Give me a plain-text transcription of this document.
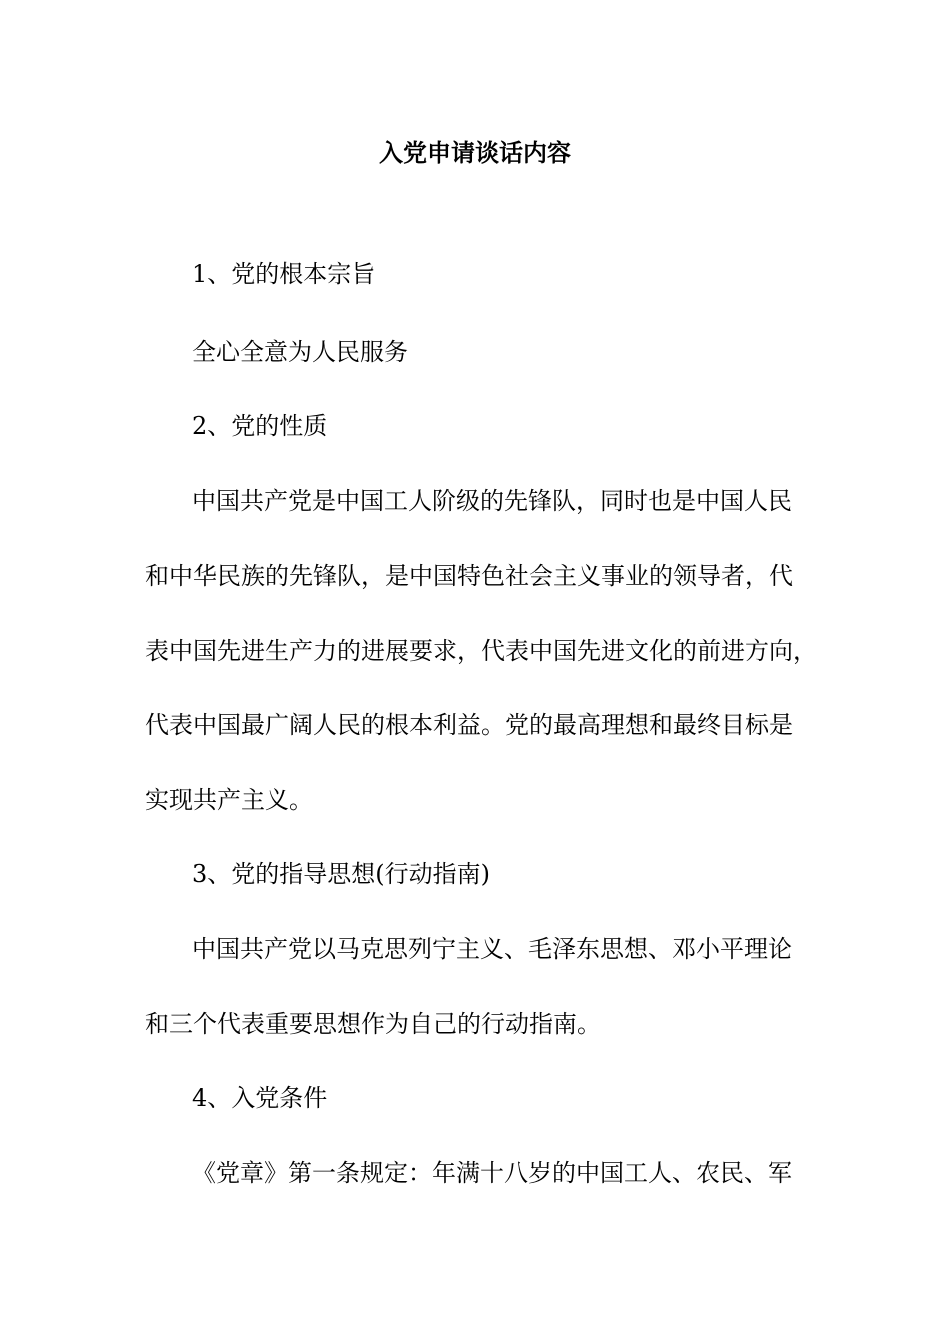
入党申请谈话内容
1、党的根本宗旨
全心全意为人民服务
2、党的性质
中国共产党是中国工人阶级的先锋队，同时也是中国人民
和中华民族的先锋队，是中国特色社会主义事业的领导者，代
表中国先进生产力的进展要求，代表中国先进文化的前进方向，
代表中国最广阔人民的根本利益。党的最高理想和最终目标是
实现共产主义。
3、党的指导思想(行动指南)
中国共产党以马克思列宁主义、毛泽东思想、邓小平理论
和三个代表重要思想作为自己的行动指南。
4、入党条件
《党章》第一条规定：年满十八岁的中国工人、农民、军
